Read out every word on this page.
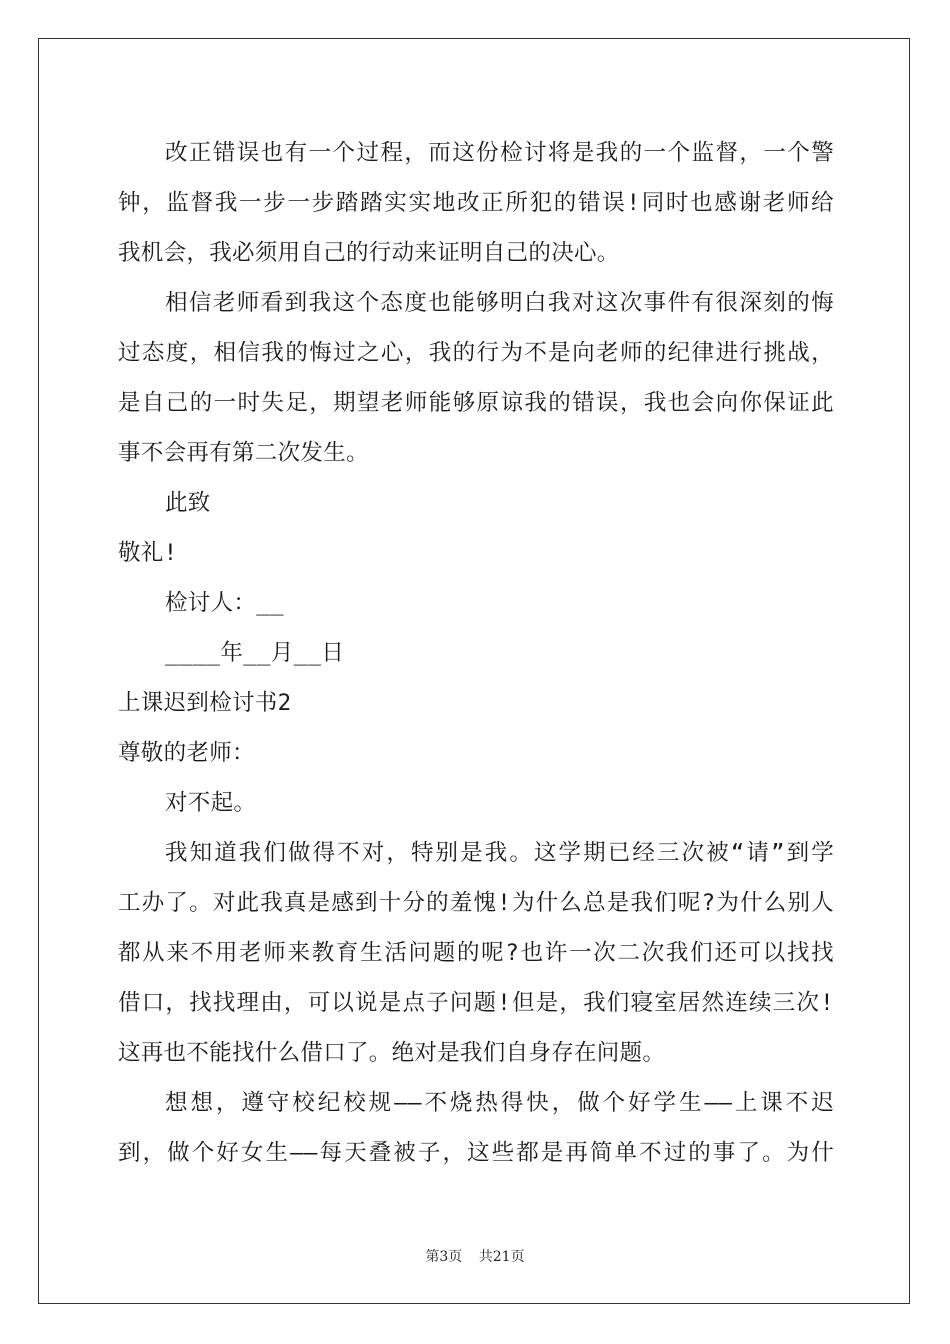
改正错误也有一个过程，而这份检讨将是我的一个监督，一个警
钟，监督我一步一步踏踏实实地改正所犯的错误!同时也感谢老师给
我机会，我必须用自己的行动来证明自己的决心。
相信老师看到我这个态度也能够明白我对这次事件有很深刻的悔
过态度，相信我的悔过之心，我的行为不是向老师的纪律进行挑战，
是自己的一时失足，期望老师能够原谅我的错误，我也会向你保证此
事不会再有第二次发生。
此致
敬礼!
检讨人：__
____年__月__日
上课迟到检讨书2
尊敬的老师：
对不起。
我知道我们做得不对，特别是我。这学期已经三次被“请”到学
工办了。对此我真是感到十分的羞愧!为什么总是我们呢?为什么别人
都从来不用老师来教育生活问题的呢?也许一次二次我们还可以找找
借口，找找理由，可以说是点子问题!但是，我们寝室居然连续三次!
这再也不能找什么借口了。绝对是我们自身存在问题。
想想，遵守校纪校规——不烧热得快，做个好学生——上课不迟
到，做个好女生——每天叠被子，这些都是再简单不过的事了。为什
第3页 共21页
